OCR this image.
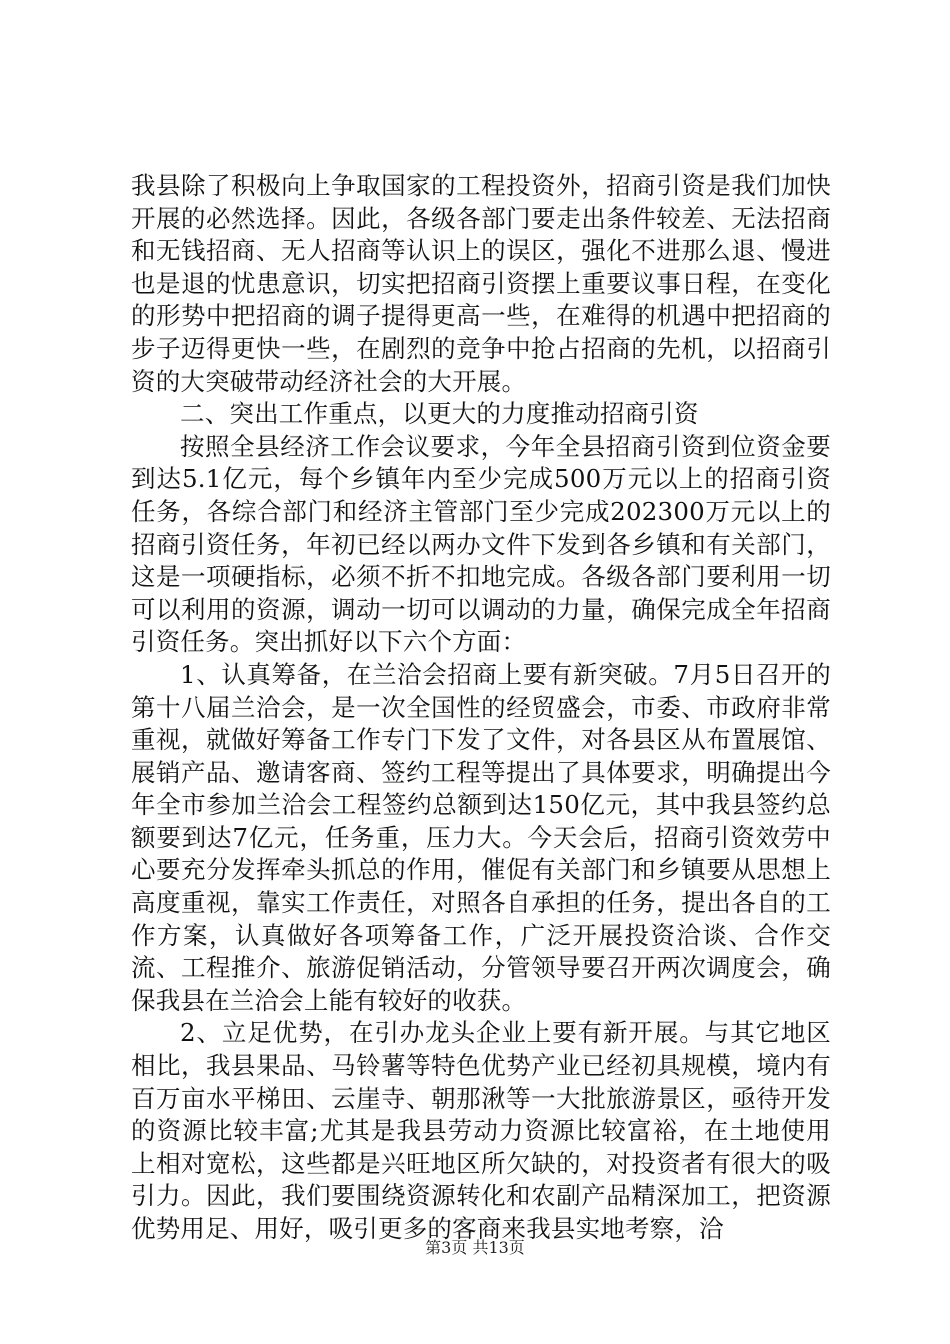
我县除了积极向上争取国家的工程投资外，招商引资是我们加快开展的必然选择。因此，各级各部门要走出条件较差、无法招商和无钱招商、无人招商等认识上的误区，强化不进那么退、慢进也是退的忧患意识，切实把招商引资摆上重要议事日程，在变化的形势中把招商的调子提得更高一些，在难得的机遇中把招商的步子迈得更快一些，在剧烈的竞争中抢占招商的先机，以招商引资的大突破带动经济社会的大开展。

二、突出工作重点，以更大的力度推动招商引资

按照全县经济工作会议要求，今年全县招商引资到位资金要到达5.1亿元，每个乡镇年内至少完成500万元以上的招商引资任务，各综合部门和经济主管部门至少完成202300万元以上的招商引资任务，年初已经以两办文件下发到各乡镇和有关部门，这是一项硬指标，必须不折不扣地完成。各级各部门要利用一切可以利用的资源，调动一切可以调动的力量，确保完成全年招商引资任务。突出抓好以下六个方面：

1、认真筹备，在兰洽会招商上要有新突破。7月5日召开的第十八届兰洽会，是一次全国性的经贸盛会，市委、市政府非常重视，就做好筹备工作专门下发了文件，对各县区从布置展馆、展销产品、邀请客商、签约工程等提出了具体要求，明确提出今年全市参加兰洽会工程签约总额到达150亿元，其中我县签约总额要到达7亿元，任务重，压力大。今天会后，招商引资效劳中心要充分发挥牵头抓总的作用，催促有关部门和乡镇要从思想上高度重视，靠实工作责任，对照各自承担的任务，提出各自的工作方案，认真做好各项筹备工作，广泛开展投资洽谈、合作交流、工程推介、旅游促销活动，分管领导要召开两次调度会，确保我县在兰洽会上能有较好的收获。

2、立足优势，在引办龙头企业上要有新开展。与其它地区相比，我县果品、马铃薯等特色优势产业已经初具规模，境内有百万亩水平梯田、云崖寺、朝那湫等一大批旅游景区，亟待开发的资源比较丰富;尤其是我县劳动力资源比较富裕，在土地使用上相对宽松，这些都是兴旺地区所欠缺的，对投资者有很大的吸引力。因此，我们要围绕资源转化和农副产品精深加工，把资源优势用足、用好，吸引更多的客商来我县实地考察，洽

第3页 共13页
